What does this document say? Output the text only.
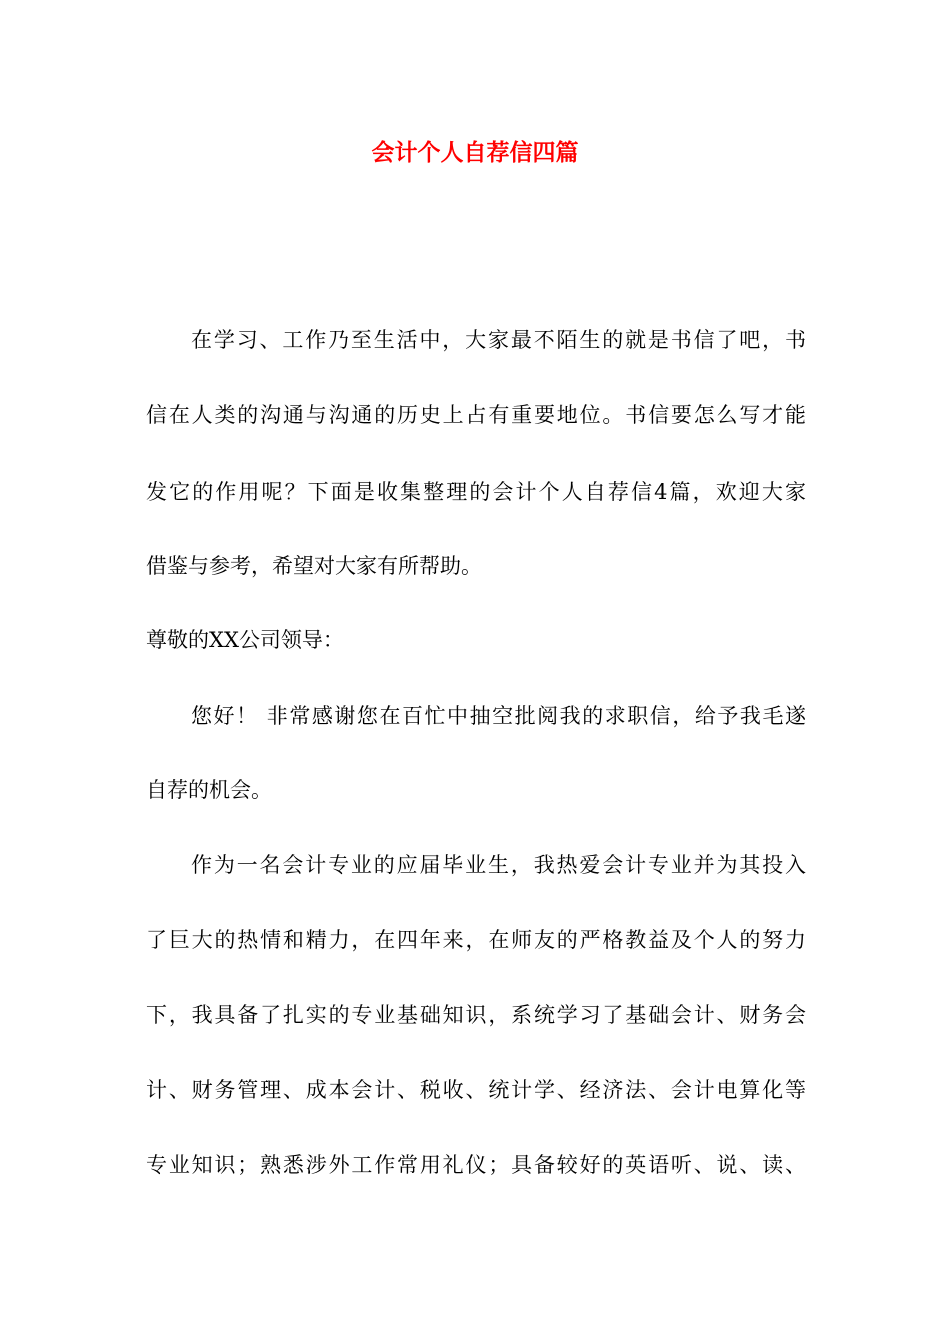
会计个人自荐信四篇

在学习、工作乃至生活中，大家最不陌生的就是书信了吧，书

信在人类的沟通与沟通的历史上占有重要地位。书信要怎么写才能

发它的作用呢？下面是收集整理的会计个人自荐信4篇，欢迎大家

借鉴与参考，希望对大家有所帮助。

尊敬的XX公司领导：

您好！ 非常感谢您在百忙中抽空批阅我的求职信，给予我毛遂

自荐的机会。

作为一名会计专业的应届毕业生，我热爱会计专业并为其投入

了巨大的热情和精力，在四年来，在师友的严格教益及个人的努力

下，我具备了扎实的专业基础知识，系统学习了基础会计、财务会

计、财务管理、成本会计、税收、统计学、经济法、会计电算化等

专业知识；熟悉涉外工作常用礼仪；具备较好的英语听、说、读、
